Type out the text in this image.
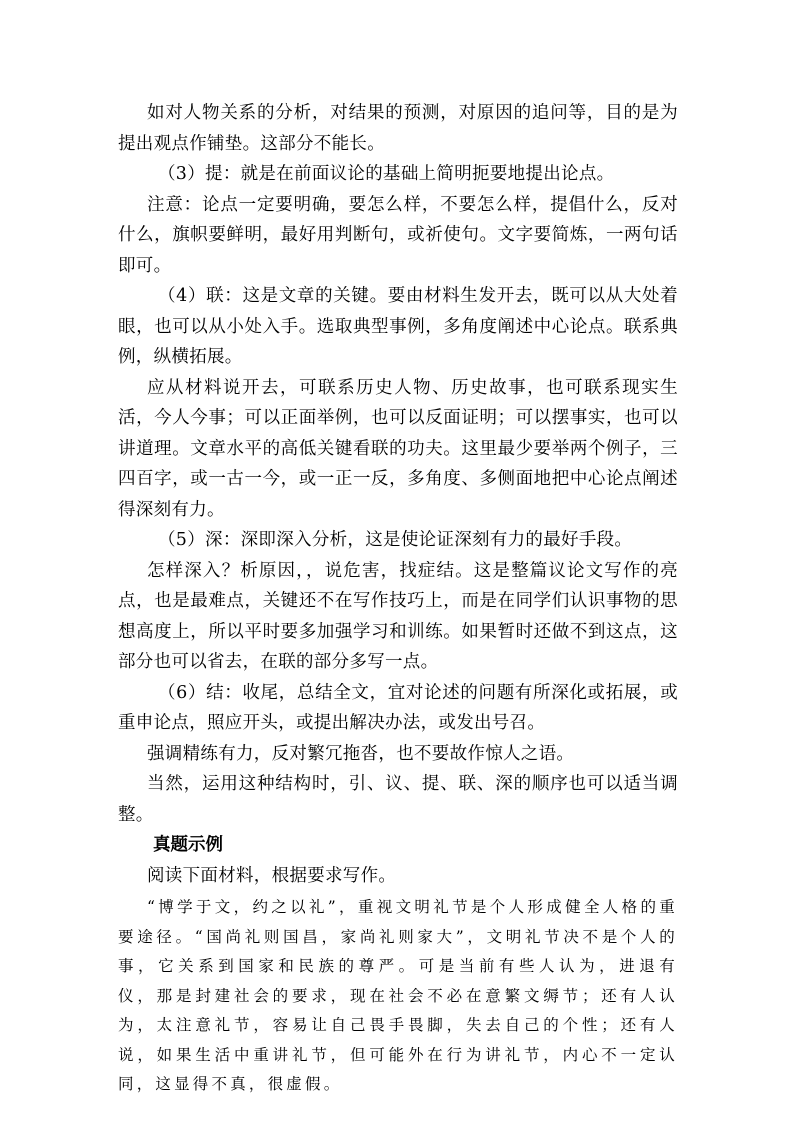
如对人物关系的分析，对结果的预测，对原因的追问等，目的是为提出观点作铺垫。这部分不能长。

（3）提：就是在前面议论的基础上简明扼要地提出论点。

注意：论点一定要明确，要怎么样，不要怎么样，提倡什么，反对什么，旗帜要鲜明，最好用判断句，或祈使句。文字要简炼，一两句话即可。

（4）联：这是文章的关键。要由材料生发开去，既可以从大处着眼，也可以从小处入手。选取典型事例，多角度阐述中心论点。联系典例，纵横拓展。

应从材料说开去，可联系历史人物、历史故事，也可联系现实生活，今人今事；可以正面举例，也可以反面证明；可以摆事实，也可以讲道理。文章水平的高低关键看联的功夫。这里最少要举两个例子，三四百字，或一古一今，或一正一反，多角度、多侧面地把中心论点阐述得深刻有力。

（5）深：深即深入分析，这是使论证深刻有力的最好手段。

怎样深入？析原因，，说危害，找症结。这是整篇议论文写作的亮点，也是最难点，关键还不在写作技巧上，而是在同学们认识事物的思想高度上，所以平时要多加强学习和训练。如果暂时还做不到这点，这部分也可以省去，在联的部分多写一点。

（6）结：收尾，总结全文，宜对论述的问题有所深化或拓展，或重申论点，照应开头，或提出解决办法，或发出号召。

强调精练有力，反对繁冗拖沓，也不要故作惊人之语。

当然，运用这种结构时，引、议、提、联、深的顺序也可以适当调整。

真题示例

阅读下面材料，根据要求写作。

“博学于文，约之以礼”，重视文明礼节是个人形成健全人格的重要途径。“国尚礼则国昌，家尚礼则家大”，文明礼节决不是个人的事，它关系到国家和民族的尊严。可是当前有些人认为，进退有仪，那是封建社会的要求，现在社会不必在意繁文缛节；还有人认为，太注意礼节，容易让自己畏手畏脚，失去自己的个性；还有人说，如果生活中重讲礼节，但可能外在行为讲礼节，内心不一定认同，这显得不真，很虚假。
